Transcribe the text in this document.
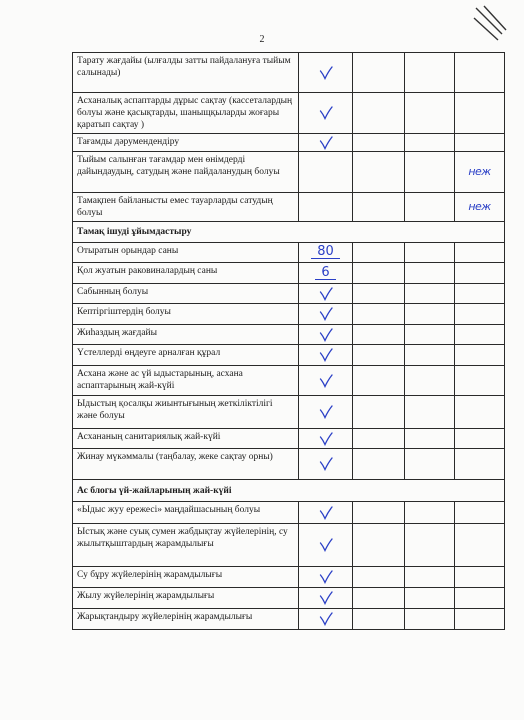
2
Тарату жағдайы (ылғалды затты пайдалануға тыйым салынады)	

Асханалық аспаптарды дұрыс сақтау (кассеталардың болуы және қасықтарды, шаныщқыларды жоғары қаратып сақтау )	

Тағамды дәрумендендіру	

Тыйым салынған тағамдар мен өнімдерді дайындаудың, сатудың және пайдаланудың болуы				неж
Тамақпен байланысты емес тауарларды сатудың болуы				неж
Тамақ ішуді ұйымдастыру				
Отыратын орындар саны	80			
Қол жуатын раковиналардың саны	6			
Сабынның болуы	

Кептіргіштердің болуы	

Жиһаздың жағдайы	

Үстеллерді өңдеуге арналған құрал	

Асхана және ас үй ыдыстарының, асхана аспаптарының жай-күйі	

Ыдыстың қосалқы жиынтығының жеткіліктілігі және болуы	

Асхананың санитариялық жай-күйі	

Жинау мүкәммалы (таңбалау, жеке сақтау орны)	

Ас блогы үй-жайларының жай-күйі				
«Ыдыс жуу ережесі» маңдайшасының болуы	

Ыстық және суық сумен жабдықтау жүйелерінің, су жылытқыштардың жарамдылығы	

Су бұру жүйелерінің жарамдылығы	

Жылу жүйелерінің жарамдылығы	

Жарықтандыру жүйелерінің жарамдылығы	
